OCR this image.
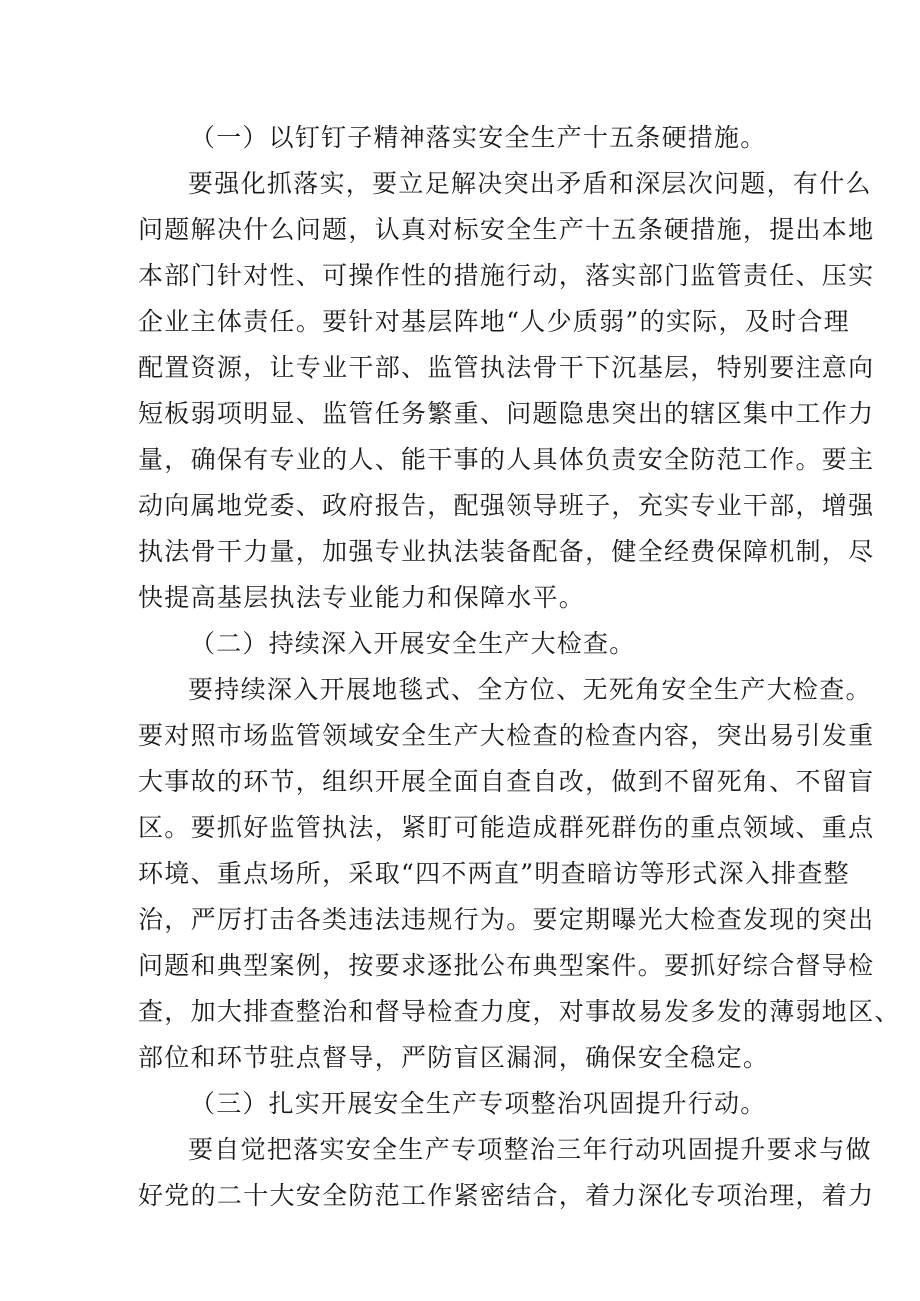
（一）以钉钉子精神落实安全生产十五条硬措施。
要强化抓落实，要立足解决突出矛盾和深层次问题，有什么
问题解决什么问题，认真对标安全生产十五条硬措施，提出本地
本部门针对性、可操作性的措施行动，落实部门监管责任、压实
企业主体责任。要针对基层阵地“人少质弱”的实际，及时合理
配置资源，让专业干部、监管执法骨干下沉基层，特别要注意向
短板弱项明显、监管任务繁重、问题隐患突出的辖区集中工作力
量，确保有专业的人、能干事的人具体负责安全防范工作。要主
动向属地党委、政府报告，配强领导班子，充实专业干部，增强
执法骨干力量，加强专业执法装备配备，健全经费保障机制，尽
快提高基层执法专业能力和保障水平。
（二）持续深入开展安全生产大检查。
要持续深入开展地毯式、全方位、无死角安全生产大检查。
要对照市场监管领域安全生产大检查的检查内容，突出易引发重
大事故的环节，组织开展全面自查自改，做到不留死角、不留盲
区。要抓好监管执法，紧盯可能造成群死群伤的重点领域、重点
环境、重点场所，采取“四不两直”明查暗访等形式深入排查整
治，严厉打击各类违法违规行为。要定期曝光大检查发现的突出
问题和典型案例，按要求逐批公布典型案件。要抓好综合督导检
查，加大排查整治和督导检查力度，对事故易发多发的薄弱地区、
部位和环节驻点督导，严防盲区漏洞，确保安全稳定。
（三）扎实开展安全生产专项整治巩固提升行动。
要自觉把落实安全生产专项整治三年行动巩固提升要求与做
好党的二十大安全防范工作紧密结合，着力深化专项治理，着力
